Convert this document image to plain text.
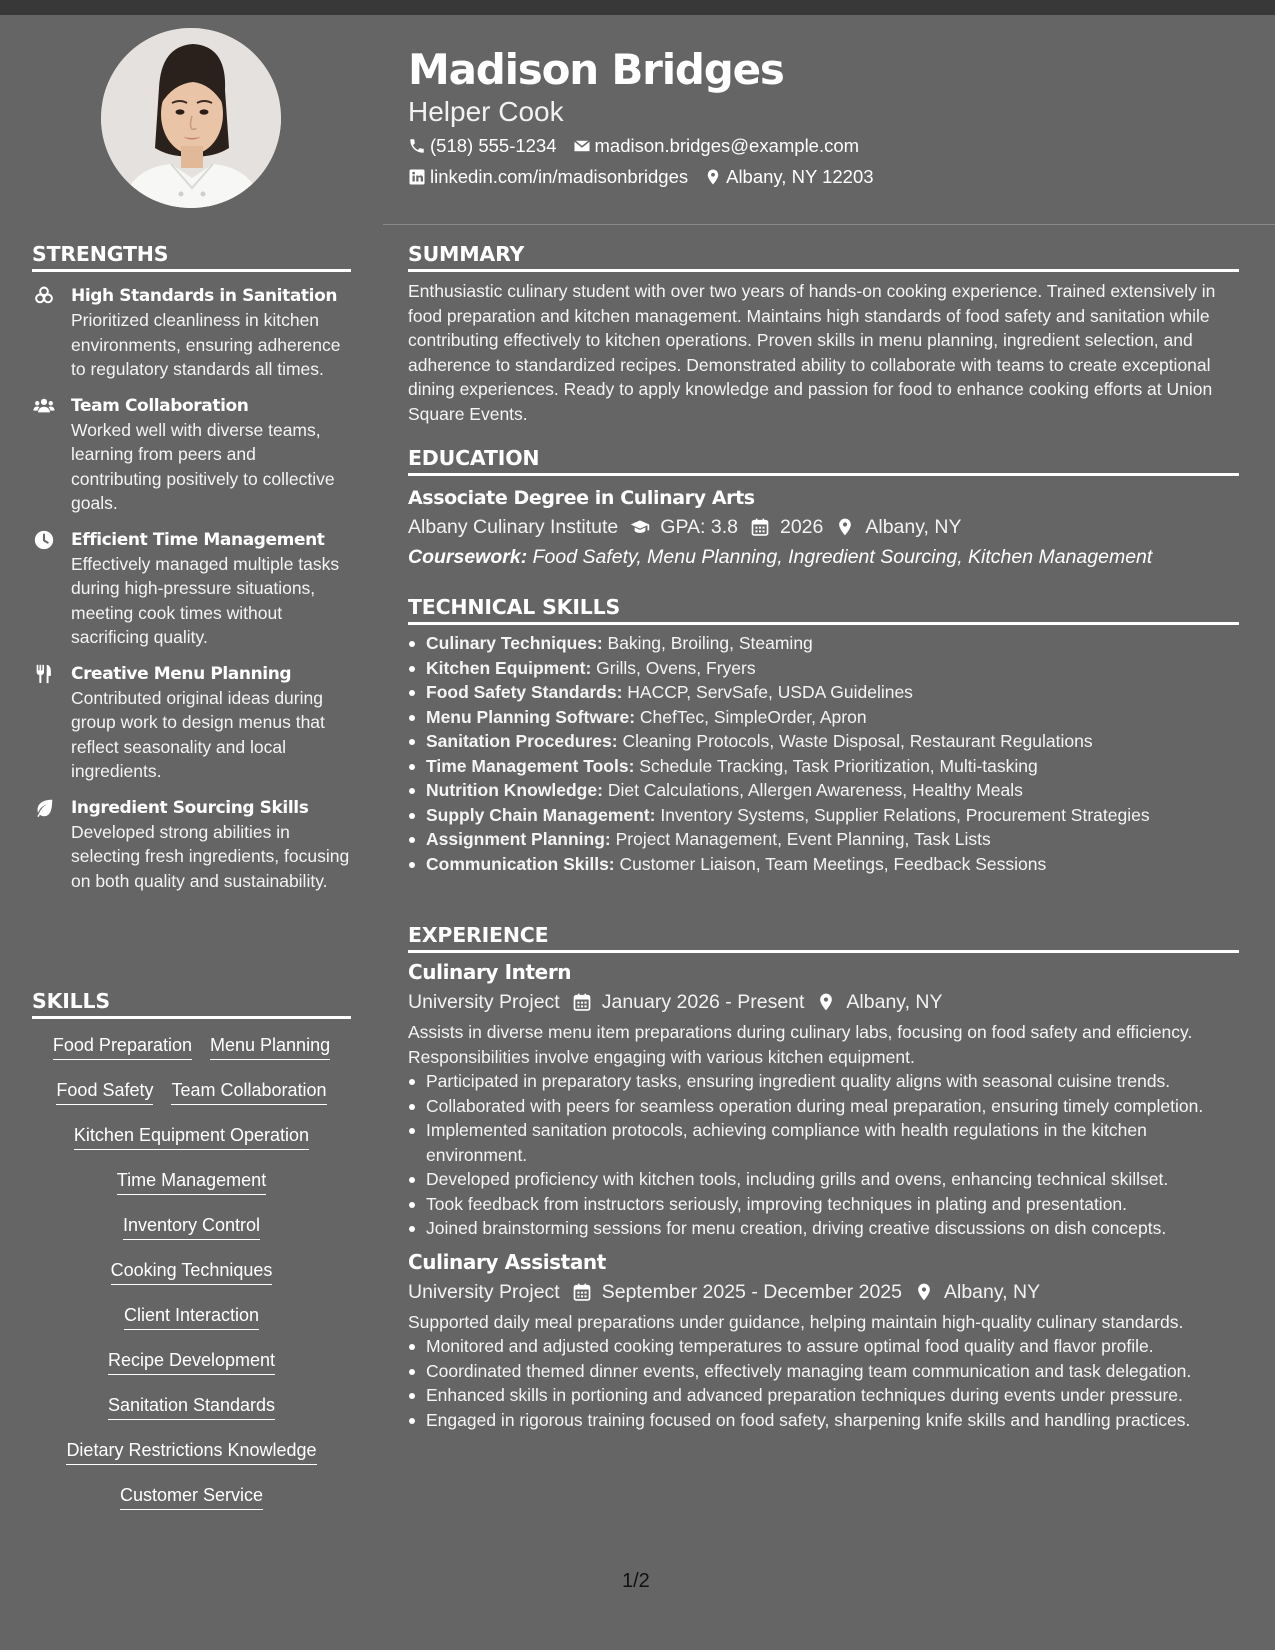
Madison Bridges
Helper Cook
(518) 555-1234 madison.bridges@example.com
linkedin.com/in/madisonbridges Albany, NY 12203
STRENGTHS
High Standards in Sanitation
Prioritized cleanliness in kitchen environments, ensuring adherence to regulatory standards all times.
Team Collaboration
Worked well with diverse teams, learning from peers and contributing positively to collective goals.
Efficient Time Management
Effectively managed multiple tasks during high-pressure situations, meeting cook times without sacrificing quality.
Creative Menu Planning
Contributed original ideas during group work to design menus that reflect seasonality and local ingredients.
Ingredient Sourcing Skills
Developed strong abilities in selecting fresh ingredients, focusing on both quality and sustainability.
SKILLS
Food Preparation Menu Planning
Food Safety Team Collaboration
Kitchen Equipment Operation
Time Management
Inventory Control
Cooking Techniques
Client Interaction
Recipe Development
Sanitation Standards
Dietary Restrictions Knowledge
Customer Service
SUMMARY

Enthusiastic culinary student with over two years of hands-on cooking experience. Trained extensively in food preparation and kitchen management. Maintains high standards of food safety and sanitation while contributing effectively to kitchen operations. Proven skills in menu planning, ingredient selection, and adherence to standardized recipes. Demonstrated ability to collaborate with teams to create exceptional dining experiences. Ready to apply knowledge and passion for food to enhance cooking efforts at Union Square Events.

EDUCATION
Associate Degree in Culinary Arts
Albany Culinary Institute GPA: 3.8 2026 Albany, NY
Coursework: Food Safety, Menu Planning, Ingredient Sourcing, Kitchen Management
TECHNICAL SKILLS
Culinary Techniques: Baking, Broiling, Steaming
Kitchen Equipment: Grills, Ovens, Fryers
Food Safety Standards: HACCP, ServSafe, USDA Guidelines
Menu Planning Software: ChefTec, SimpleOrder, Apron
Sanitation Procedures: Cleaning Protocols, Waste Disposal, Restaurant Regulations
Time Management Tools: Schedule Tracking, Task Prioritization, Multi-tasking
Nutrition Knowledge: Diet Calculations, Allergen Awareness, Healthy Meals
Supply Chain Management: Inventory Systems, Supplier Relations, Procurement Strategies
Assignment Planning: Project Management, Event Planning, Task Lists
Communication Skills: Customer Liaison, Team Meetings, Feedback Sessions
EXPERIENCE
Culinary Intern
University Project January 2026 - Present Albany, NY

Assists in diverse menu item preparations during culinary labs, focusing on food safety and efficiency. Responsibilities involve engaging with various kitchen equipment.

Participated in preparatory tasks, ensuring ingredient quality aligns with seasonal cuisine trends.
Collaborated with peers for seamless operation during meal preparation, ensuring timely completion.
Implemented sanitation protocols, achieving compliance with health regulations in the kitchen environment.
Developed proficiency with kitchen tools, including grills and ovens, enhancing technical skillset.
Took feedback from instructors seriously, improving techniques in plating and presentation.
Joined brainstorming sessions for menu creation, driving creative discussions on dish concepts.
Culinary Assistant
University Project September 2025 - December 2025 Albany, NY

Supported daily meal preparations under guidance, helping maintain high-quality culinary standards.

Monitored and adjusted cooking temperatures to assure optimal food quality and flavor profile.
Coordinated themed dinner events, effectively managing team communication and task delegation.
Enhanced skills in portioning and advanced preparation techniques during events under pressure.
Engaged in rigorous training focused on food safety, sharpening knife skills and handling practices.
1/2
